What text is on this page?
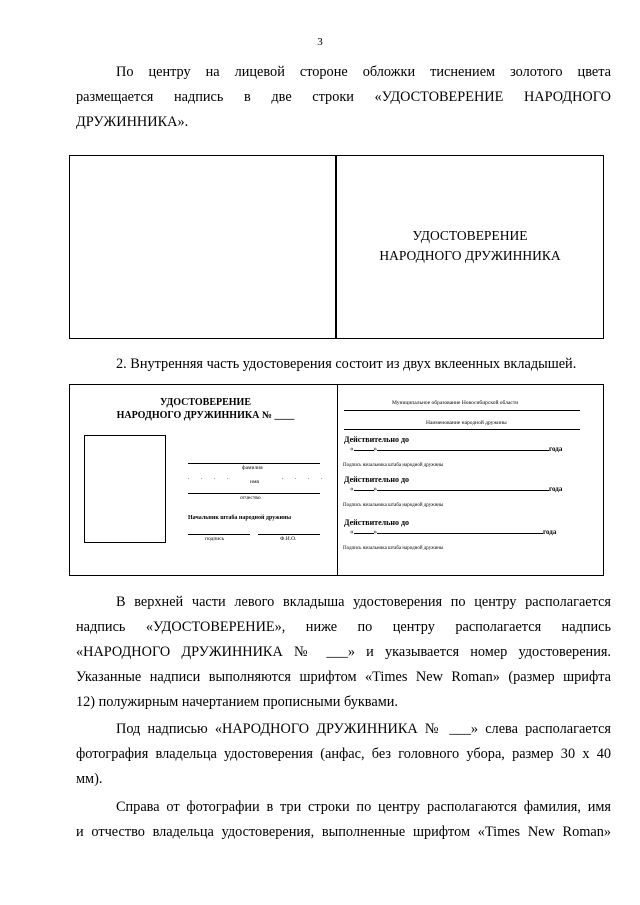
3
По центру на лицевой стороне обложки тиснением золотого цвета
размещается надпись в две строки «УДОСТОВЕРЕНИЕ НАРОДНОГО
ДРУЖИННИКА».
УДОСТОВЕРЕНИЕ
НАРОДНОГО ДРУЖИННИКА
2. Внутренняя часть удостоверения состоит из двух вклеенных вкладышей.
УДОСТОВЕРЕНИЕ
НАРОДНОГО ДРУЖИННИКА № ____
фамилия
. . . .
имя
. . . .
отчество
Начальник штаба народной дружины
подпись	Ф.И.О.
Муниципальное образование Новосибирской области
Наименование народной дружины
Действительно до
«	»	года
Подпись начальника штаба народной дружины
Действительно до
«	»	года
Подпись начальника штаба народной дружины
Действительно до
«	»	года
Подпись начальника штаба народной дружины
В верхней части левого вкладыша удостоверения по центру располагается
надпись «УДОСТОВЕРЕНИЕ», ниже по центру располагается надпись
«НАРОДНОГО ДРУЖИННИКА № ___» и указывается номер удостоверения.
Указанные надписи выполняются шрифтом «Times New Roman» (размер шрифта
12) полужирным начертанием прописными буквами.
Под надписью «НАРОДНОГО ДРУЖИННИКА № ___» слева располагается
фотография владельца удостоверения (анфас, без головного убора, размер 30 х 40
мм).
Справа от фотографии в три строки по центру располагаются фамилия, имя
и отчество владельца удостоверения, выполненные шрифтом «Times New Roman»
